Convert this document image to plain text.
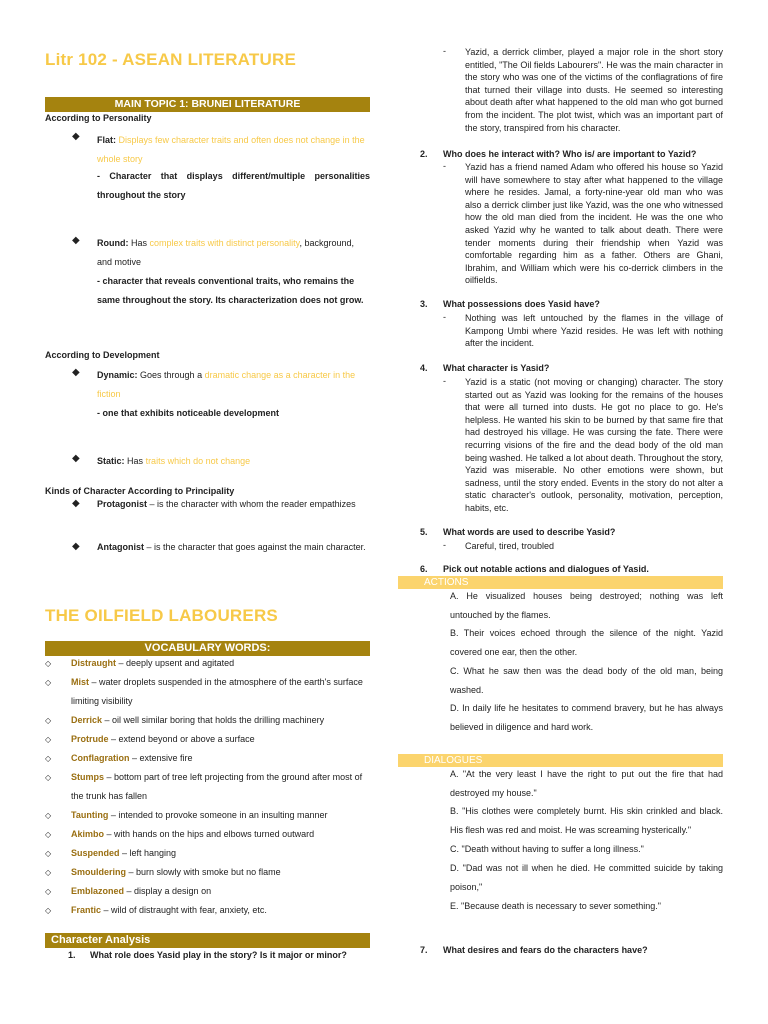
Litr 102 - ASEAN LITERATURE
MAIN TOPIC 1: BRUNEI LITERATURE
According to Personality
◆ Flat: Displays few character traits and often does not change in the whole story
- Character that displays different/multiple personalities throughout the story
◆ Round: Has complex traits with distinct personality, background, and motive
- character that reveals conventional traits, who remains the same throughout the story. Its characterization does not grow.
According to Development
◆ Dynamic: Goes through a dramatic change as a character in the fiction
- one that exhibits noticeable development
◆ Static: Has traits which do not change
Kinds of Character According to Principality
◆ Protagonist – is the character with whom the reader empathizes
◆ Antagonist – is the character that goes against the main character.
THE OILFIELD LABOURERS
VOCABULARY WORDS:
◇ Distraught – deeply upsent and agitated
◇ Mist – water droplets suspended in the atmosphere of the earth's surface limiting visibility
◇ Derrick – oil well similar boring that holds the drilling machinery
◇ Protrude – extend beyond or above a surface
◇ Conflagration – extensive fire
◇ Stumps – bottom part of tree left projecting from the ground after most of the trunk has fallen
◇ Taunting – intended to provoke someone in an insulting manner
◇ Akimbo – with hands on the hips and elbows turned outward
◇ Suspended – left hanging
◇ Smouldering – burn slowly with smoke but no flame
◇ Emblazoned – display a design on
◇ Frantic – wild of distraught with fear, anxiety, etc.
Character Analysis
1. What role does Yasid play in the story? Is it major or minor?
- Yazid, a derrick climber, played a major role in the short story entitled, "The Oil fields Labourers". He was the main character in the story who was one of the victims of the conflagrations of fire that turned their village into dusts. He seemed so interesting about death after what happened to the old man who got burned from the incident. The plot twist, which was an important part of the story, transpired from his character.
2. Who does he interact with? Who is/ are important to Yazid?
- Yazid has a friend named Adam who offered his house so Yazid will have somewhere to stay after what happened to the village where he resides. Jamal, a forty-nine-year old man who was also a derrick climber just like Yazid, was the one who witnessed how the old man died from the incident. He was the one who asked Yazid why he wanted to talk about death. There were tender moments during their friendship when Yazid was comfortable regarding him as a father. Others are Ghani, Ibrahim, and William which were his co-derrick climbers in the oilfields.
3. What possessions does Yasid have?
- Nothing was left untouched by the flames in the village of Kampong Umbi where Yazid resides. He was left with nothing after the incident.
4. What character is Yasid?
- Yazid is a static (not moving or changing) character. The story started out as Yazid was looking for the remains of the houses that were all turned into dusts. He got no place to go. He's helpless. He wanted his skin to be burned by that same fire that had destroyed his village. He was cursing the fate. There were recurring visions of the fire and the dead body of the old man being washed. He talked a lot about death. Throughout the story, Yazid was miserable. No other emotions were shown, but sadness, until the story ended. Events in the story do not alter a static character's outlook, personality, motivation, perception, habits, etc.
5. What words are used to describe Yasid?
- Careful, tired, troubled
6. Pick out notable actions and dialogues of Yasid.
ACTIONS
A. He visualized houses being destroyed; nothing was left untouched by the flames.
B. Their voices echoed through the silence of the night. Yazid covered one ear, then the other.
C. What he saw then was the dead body of the old man, being washed.
D. In daily life he hesitates to commend bravery, but he has always believed in diligence and hard work.
DIALOGUES
A. "At the very least I have the right to put out the fire that had destroyed my house."
B. "His clothes were completely burnt. His skin crinkled and black. His flesh was red and moist. He was screaming hysterically."
C. "Death without having to suffer a long illness."
D. "Dad was not ill when he died. He committed suicide by taking poison,"
E. "Because death is necessary to sever something."
7. What desires and fears do the characters have?
